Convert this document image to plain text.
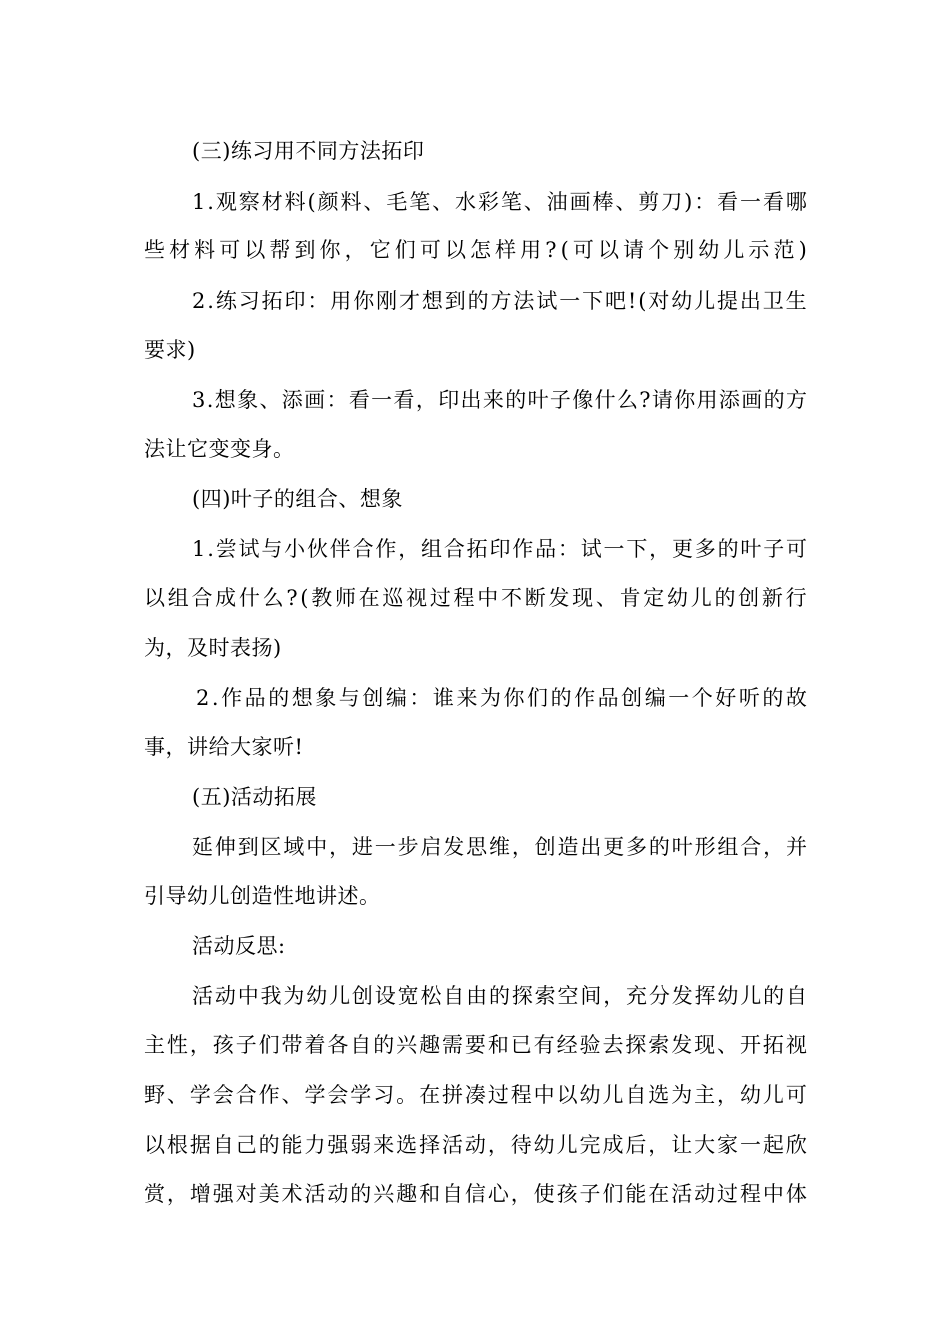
(三)练习用不同方法拓印
1 . 观 察 材 料 ( 颜 料 、 毛 笔 、 水 彩 笔 、 油 画 棒 、 剪 刀 ) ： 看 一 看 哪
些 材 料 可 以 帮 到 你 ， 它 们 可 以 怎 样 用 ? ( 可 以 请 个 别 幼 儿 示 范 )
2 . 练 习 拓 印 ： 用 你 刚 才 想 到 的 方 法 试 一 下 吧 ! ( 对 幼 儿 提 出 卫 生
要求)
3 . 想 象 、 添 画 ： 看 一 看 ， 印 出 来 的 叶 子 像 什 么 ? 请 你 用 添 画 的 方
法让它变变身。
(四)叶子的组合、想象
1 . 尝 试 与 小 伙 伴 合 作 ， 组 合 拓 印 作 品 ： 试 一 下 ， 更 多 的 叶 子 可
以 组 合 成 什 么 ? ( 教 师 在 巡 视 过 程 中 不 断 发 现 、 肯 定 幼 儿 的 创 新 行
为，及时表扬)
2 . 作 品 的 想 象 与 创 编 ： 谁 来 为 你 们 的 作 品 创 编 一 个 好 听 的 故
事，讲给大家听!
(五)活动拓展
延 伸 到 区 域 中 ， 进 一 步 启 发 思 维 ， 创 造 出 更 多 的 叶 形 组 合 ， 并
引导幼儿创造性地讲述。
活动反思:
活 动 中 我 为 幼 儿 创 设 宽 松 自 由 的 探 索 空 间 ， 充 分 发 挥 幼 儿 的 自
主 性 ， 孩 子 们 带 着 各 自 的 兴 趣 需 要 和 已 有 经 验 去 探 索 发 现 、 开 拓 视
野 、 学 会 合 作 、 学 会 学 习 。 在 拼 凑 过 程 中 以 幼 儿 自 选 为 主 ， 幼 儿 可
以 根 据 自 己 的 能 力 强 弱 来 选 择 活 动 ， 待 幼 儿 完 成 后 ， 让 大 家 一 起 欣
赏 ， 增 强 对 美 术 活 动 的 兴 趣 和 自 信 心 ， 使 孩 子 们 能 在 活 动 过 程 中 体
